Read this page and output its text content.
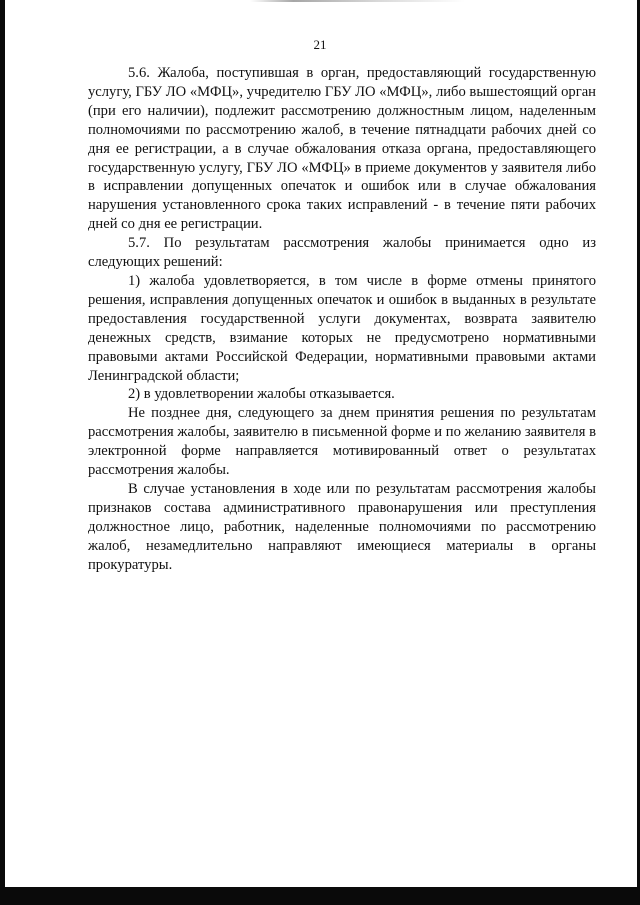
21

5.6. Жалоба, поступившая в орган, предоставляющий государственную услугу, ГБУ ЛО «МФЦ», учредителю ГБУ ЛО «МФЦ», либо вышестоящий орган (при его наличии), подлежит рассмотрению должностным лицом, наделенным полномочиями по рассмотрению жалоб, в течение пятнадцати рабочих дней со дня ее регистрации, а в случае обжалования отказа органа, предоставляющего государственную услугу, ГБУ ЛО «МФЦ» в приеме документов у заявителя либо в исправлении допущенных опечаток и ошибок или в случае обжалования нарушения установленного срока таких исправлений - в течение пяти рабочих дней со дня ее регистрации.

5.7. По результатам рассмотрения жалобы принимается одно из следующих решений:

1) жалоба удовлетворяется, в том числе в форме отмены принятого решения, исправления допущенных опечаток и ошибок в выданных в результате предоставления государственной услуги документах, возврата заявителю денежных средств, взимание которых не предусмотрено нормативными правовыми актами Российской Федерации, нормативными правовыми актами Ленинградской области;

2) в удовлетворении жалобы отказывается.

Не позднее дня, следующего за днем принятия решения по результатам рассмотрения жалобы, заявителю в письменной форме и по желанию заявителя в электронной форме направляется мотивированный ответ о результатах рассмотрения жалобы.

В случае установления в ходе или по результатам рассмотрения жалобы признаков состава административного правонарушения или преступления должностное лицо, работник, наделенные полномочиями по рассмотрению жалоб, незамедлительно направляют имеющиеся материалы в органы прокуратуры.
